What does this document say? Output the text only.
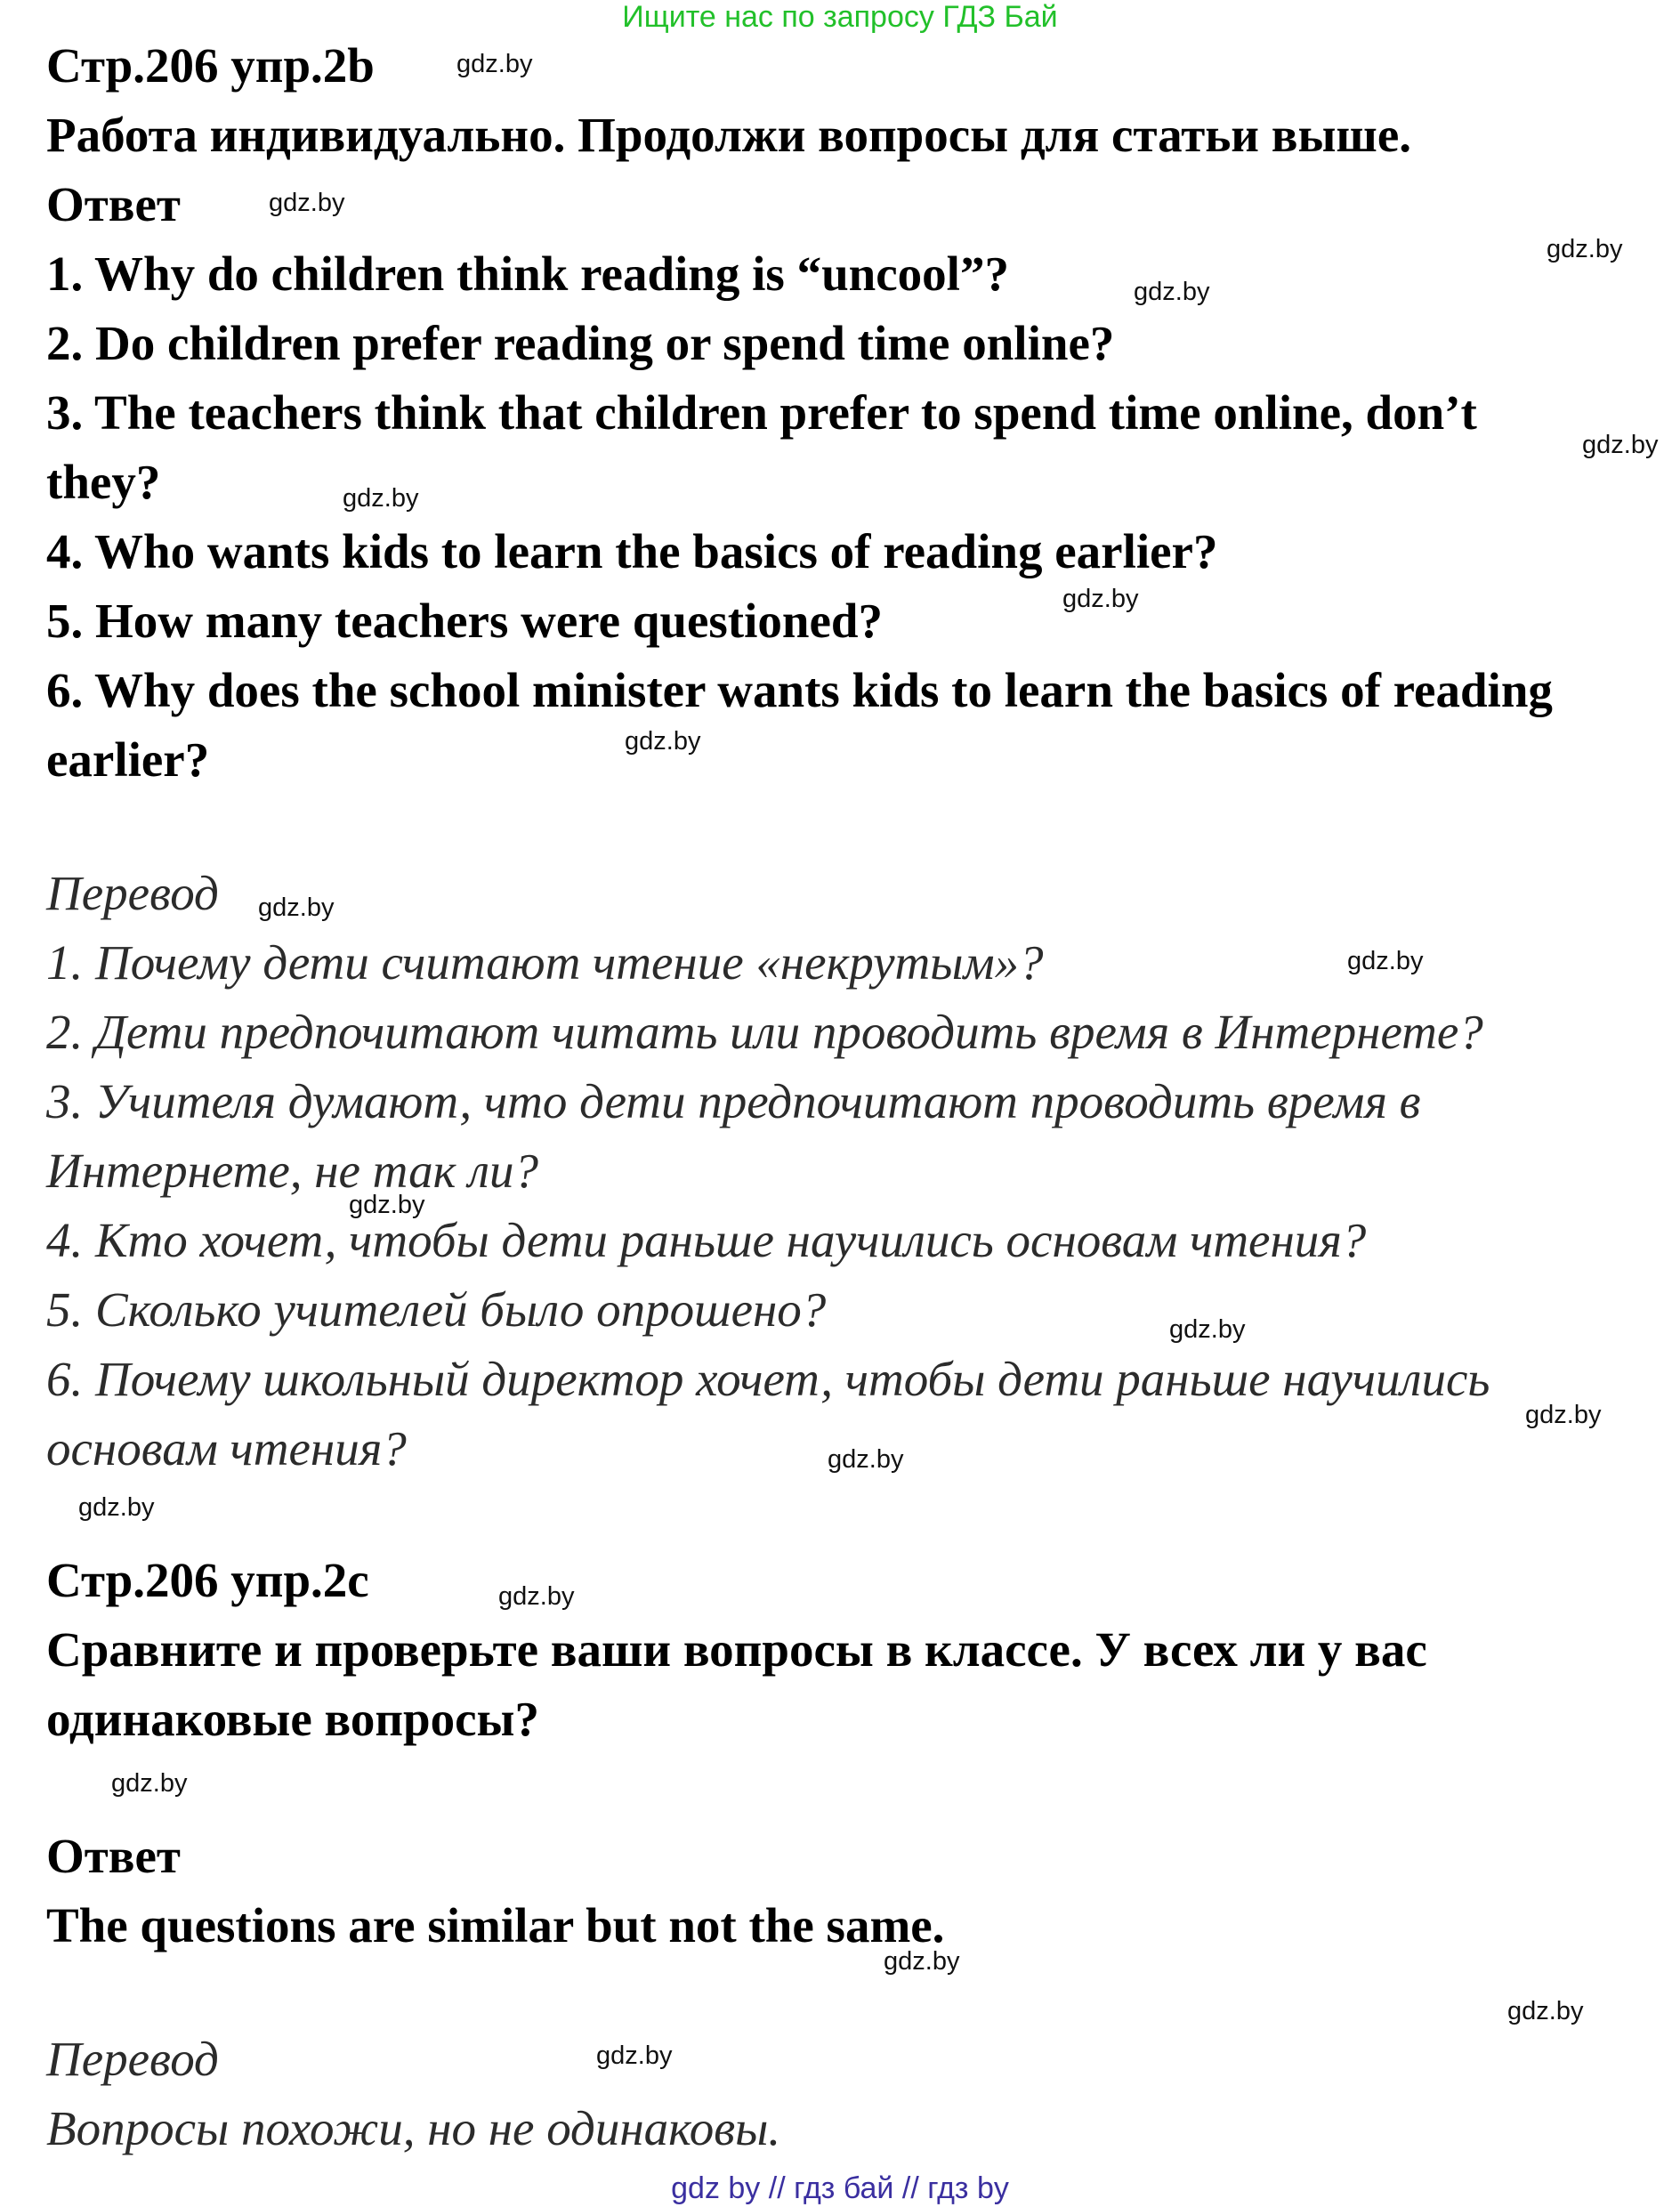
Ищите нас по запросу ГДЗ Бай
Стр.206 упр.2b
Работа индивидуально. Продолжи вопросы для статьи выше.
Ответ
1. Why do children think reading is “uncool”?
2. Do children prefer reading or spend time online?
3. The teachers think that children prefer to spend time online, don’t
they?
4. Who wants kids to learn the basics of reading earlier?
5. How many teachers were questioned?
6. Why does the school minister wants kids to learn the basics of reading
earlier?
Перевод
1. Почему дети считают чтение «некрутым»?
2. Дети предпочитают читать или проводить время в Интернете?
3. Учителя думают, что дети предпочитают проводить время в
Интернете, не так ли?
4. Кто хочет, чтобы дети раньше научились основам чтения?
5. Сколько учителей было опрошено?
6. Почему школьный директор хочет, чтобы дети раньше научились
основам чтения?
Стр.206 упр.2c
Сравните и проверьте ваши вопросы в классе. У всех ли у вас
одинаковые вопросы?
Ответ
The questions are similar but not the same.
Перевод
Вопросы похожи, но не одинаковы.
gdz.by
gdz.by
gdz.by
gdz.by
gdz.by
gdz.by
gdz.by
gdz.by
gdz.by
gdz.by
gdz.by
gdz.by
gdz.by
gdz.by
gdz.by
gdz.by
gdz.by
gdz.by
gdz.by
gdz.by
gdz by // гдз бай // гдз by
